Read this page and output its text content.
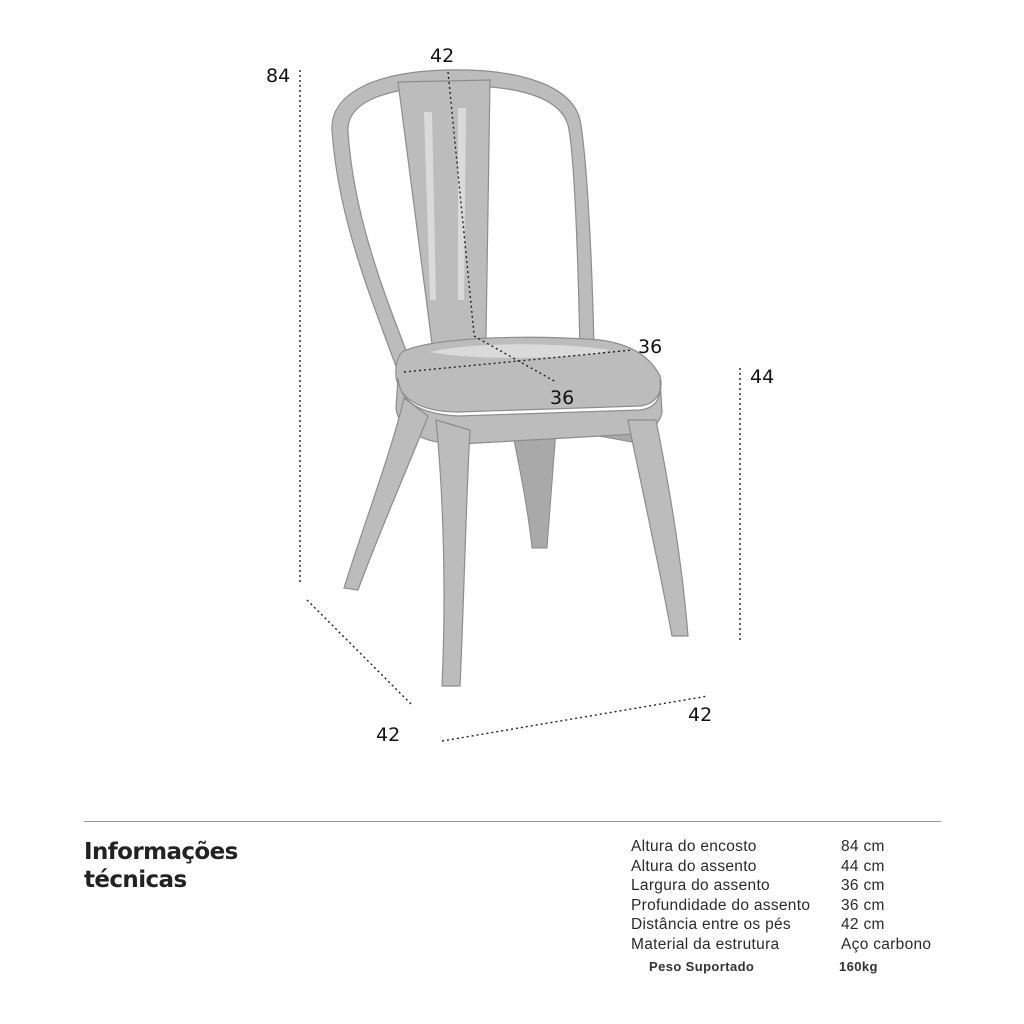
84
42
36
36
44
42
42
Informações
técnicas
Altura do encosto	84 cm
Altura do assento	44 cm
Largura do assento	36 cm
Profundidade do assento 36 cm
Distância entre os pés	42 cm
Material da estrutura	Aço carbono
Peso Suportado	160kg
